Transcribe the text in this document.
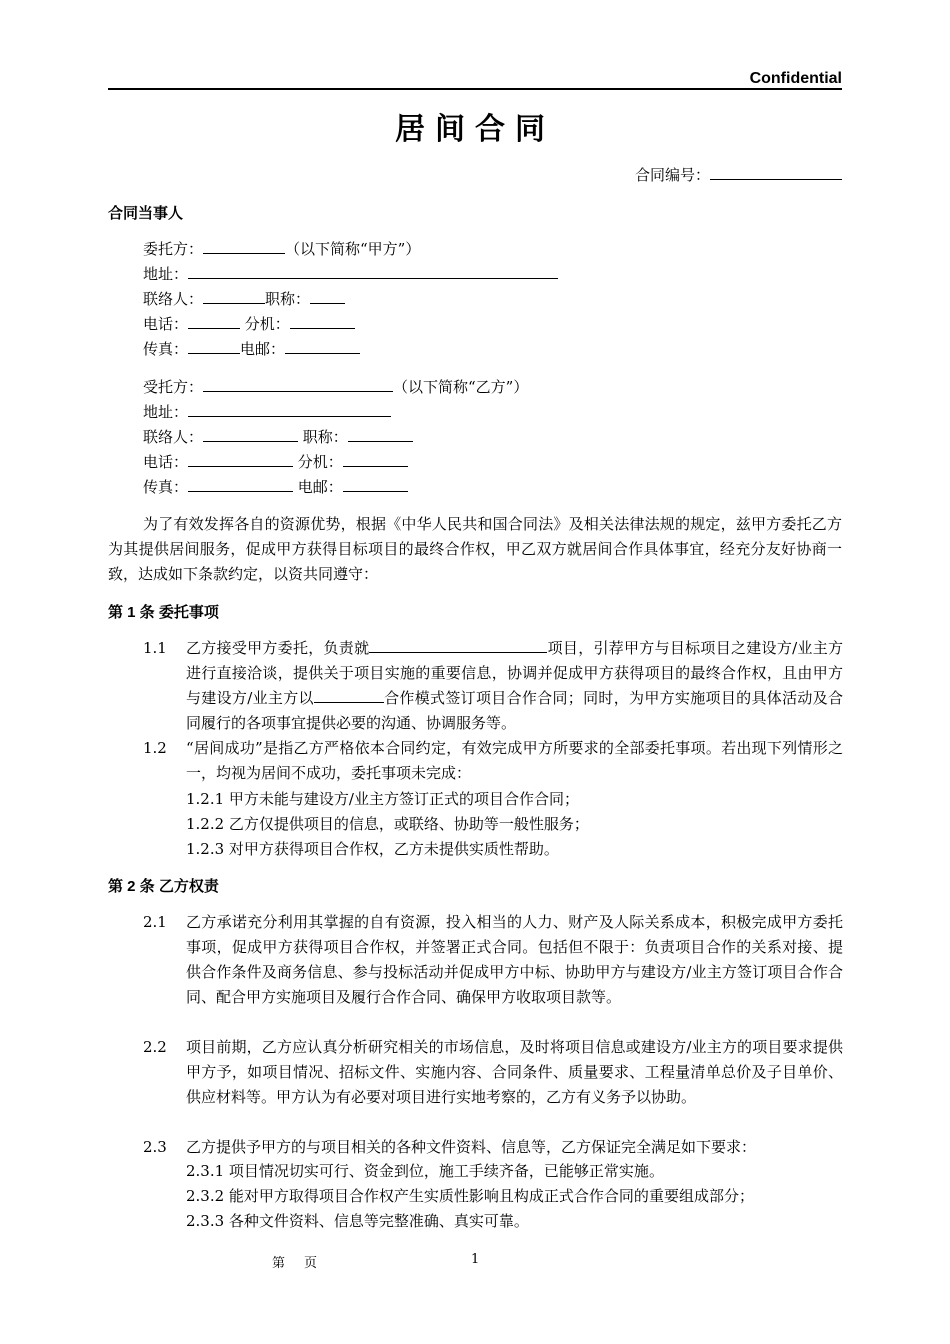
Confidential
居间合同
合同编号：
合同当事人
委托方：	（以下简称“甲方”）
地址：
联络人：	职称：
电话：	分机：
传真：	电邮：
受托方：	（以下简称“乙方”）
地址：
联络人：	职称：
电话：	分机：
传真：	电邮：
为了有效发挥各自的资源优势，根据《中华人民共和国合同法》及相关法律法规的规定，兹甲方委托乙方为其提供居间服务，促成甲方获得目标项目的最终合作权，甲乙双方就居间合作具体事宜，经充分友好协商一致，达成如下条款约定，以资共同遵守：
第 1 条 委托事项
1.1 乙方接受甲方委托，负责就	项目，引荐甲方与目标项目之建设方/业主方进行直接洽谈，提供关于项目实施的重要信息，协调并促成甲方获得项目的最终合作权，且由甲方与建设方/业主方以	合作模式签订项目合作合同；同时，为甲方实施项目的具体活动及合同履行的各项事宜提供必要的沟通、协调服务等。
1.2 “居间成功”是指乙方严格依本合同约定，有效完成甲方所要求的全部委托事项。若出现下列情形之一，均视为居间不成功，委托事项未完成：
1.2.1 甲方未能与建设方/业主方签订正式的项目合作合同；
1.2.2 乙方仅提供项目的信息，或联络、协助等一般性服务；
1.2.3 对甲方获得项目合作权，乙方未提供实质性帮助。
第 2 条 乙方权责
2.1 乙方承诺充分利用其掌握的自有资源，投入相当的人力、财产及人际关系成本，积极完成甲方委托事项，促成甲方获得项目合作权，并签署正式合同。包括但不限于：负责项目合作的关系对接、提供合作条件及商务信息、参与投标活动并促成甲方中标、协助甲方与建设方/业主方签订项目合作合同、配合甲方实施项目及履行合作合同、确保甲方收取项目款等。
2.2 项目前期，乙方应认真分析研究相关的市场信息，及时将项目信息或建设方/业主方的项目要求提供甲方予，如项目情况、招标文件、实施内容、合同条件、质量要求、工程量清单总价及子目单价、供应材料等。甲方认为有必要对项目进行实地考察的，乙方有义务予以协助。
2.3 乙方提供予甲方的与项目相关的各种文件资料、信息等，乙方保证完全满足如下要求：
2.3.1 项目情况切实可行、资金到位，施工手续齐备，已能够正常实施。
2.3.2 能对甲方取得项目合作权产生实质性影响且构成正式合作合同的重要组成部分；
2.3.3 各种文件资料、信息等完整准确、真实可靠。
第 页	1
